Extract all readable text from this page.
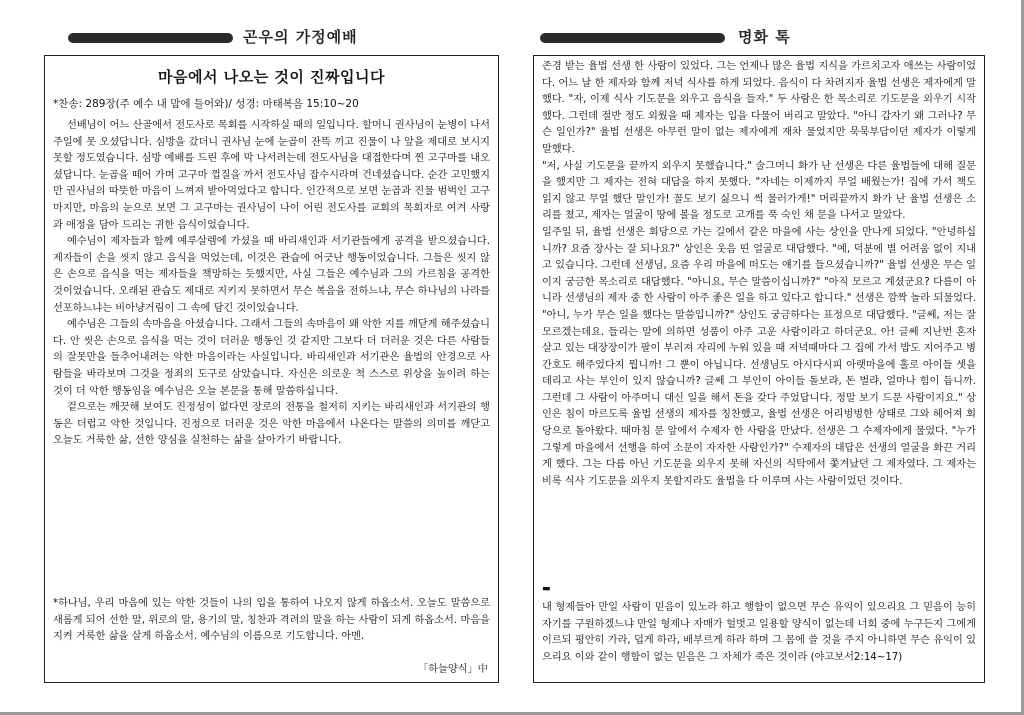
곤우의 가정예배	명화 톡
마음에서 나오는 것이 진짜입니다
*찬송: 289장(주 예수 내 맘에 들어와)/ 성경: 마태복음 15:10~20

선배님이 어느 산골에서 전도사로 목회를 시작하실 때의 일입니다. 할머니 권사님이 눈병이 나서 주일에 못 오셨답니다. 심방을 갔더니 권사님 눈에 눈곱이 잔뜩 끼고 진물이 나 앞을 제대로 보시지 못할 정도였습니다. 심방 예배를 드린 후에 막 나서려는데 전도사님을 대접한다며 찐 고구마를 내오셨답니다. 눈곱을 떼어 가며 고구마 껍질을 까서 전도사님 잡수시라며 건네셨습니다. 순간 고민했지만 권사님의 따뜻한 마음이 느껴져 받아먹었다고 합니다. 인간적으로 보면 눈곱과 진물 범벅인 고구마지만, 마음의 눈으로 보면 그 고구마는 권사님이 나이 어린 전도사를 교회의 목회자로 여겨 사랑과 애정을 담아 드리는 귀한 음식이었습니다.

예수님이 제자들과 함께 예루살렘에 가셨을 때 바리새인과 서기관들에게 공격을 받으셨습니다. 제자들이 손을 씻지 않고 음식을 먹었는데, 이것은 관습에 어긋난 행동이었습니다. 그들은 씻지 않은 손으로 음식을 먹는 제자들을 책망하는 듯했지만, 사실 그들은 예수님과 그의 가르침을 공격한 것이었습니다. 오래된 관습도 제대로 지키지 못하면서 무슨 복음을 전하느냐, 무슨 하나님의 나라를 선포하느냐는 비아냥거림이 그 속에 담긴 것이었습니다.

예수님은 그들의 속마음을 아셨습니다. 그래서 그들의 속마음이 왜 악한 지를 깨닫게 해주셨습니다. 안 씻은 손으로 음식을 먹는 것이 더러운 행동인 것 같지만 그보다 더 더러운 것은 다른 사람들의 잘못만을 들추어내려는 악한 마음이라는 사실입니다. 바리새인과 서기관은 율법의 안경으로 사람들을 바라보며 그것을 정죄의 도구로 삼았습니다. 자신은 의로운 척 스스로 위상을 높이려 하는 것이 더 악한 행동임을 예수님은 오늘 본문을 통해 말씀하십니다.

겉으로는 깨끗해 보여도 진정성이 없다면 장로의 전통을 철저히 지키는 바리새인과 서기관의 행동은 더럽고 악한 것입니다. 진정으로 더러운 것은 악한 마음에서 나온다는 말씀의 의미를 깨닫고 오늘도 거룩한 삶, 선한 양심을 실천하는 삶을 살아가기 바랍니다.

*하나님, 우리 마음에 있는 악한 것들이 나의 입을 통하여 나오지 않게 하옵소서. 오늘도 말씀으로 새롭게 되어 선한 말, 위로의 말, 용기의 말, 칭찬과 격려의 말을 하는 사람이 되게 하옵소서. 마음을 지켜 거룩한 삶을 살게 하옵소서. 예수님의 이름으로 기도합니다. 아멘.

「하늘양식」中

존경 받는 율법 선생 한 사람이 있었다. 그는 언제나 많은 율법 지식을 가르치고자 애쓰는 사람이었다. 어느 날 한 제자와 함께 저녁 식사를 하게 되었다. 음식이 다 차려지자 율법 선생은 제자에게 말했다. "자, 이제 식사 기도문을 외우고 음식을 들자." 두 사람은 한 목소리로 기도문을 외우기 시작했다. 그런데 절반 정도 외웠을 때 제자는 입을 다물어 버리고 말았다. "아니 갑자기 왜 그러나? 무슨 일인가?" 율법 선생은 아무런 말이 없는 제자에게 재차 물었지만 묵묵부답이던 제자가 이렇게 말했다.

"저, 사실 기도문을 끝까지 외우지 못했습니다." 술그머니 화가 난 선생은 다른 율법들에 대해 질문을 했지만 그 제자는 전혀 대답을 하지 못했다. "자네는 이제까지 무얼 배웠는가! 집에 가서 책도 읽지 않고 무얼 했단 말인가! 꼴도 보기 싫으니 썩 물러가게!" 머리끝까지 화가 난 율법 선생은 소리를 쳤고, 제자는 얼굴이 땅에 볼을 정도로 고개를 푹 숙인 채 문을 나서고 말았다.

일주일 뒤, 율법 선생은 회당으로 가는 길에서 같은 마을에 사는 상인을 만나게 되었다. "안녕하십니까? 요즘 장사는 잘 되나요?" 상인은 웃음 띤 얼굴로 대답했다. "예, 덕분에 별 어려움 없이 지내고 있습니다. 그런데 선생님, 요즘 우리 마을에 떠도는 얘기를 들으셨습니까?" 율법 선생은 무슨 일이지 궁금한 목소리로 대답했다. "아니요, 무슨 말씀이십니까?" "아직 모르고 계셨군요? 다름이 아니라 선생님의 제자 중 한 사람이 아주 좋은 일을 하고 있다고 합니다." 선생은 깜짝 놀라 되물었다. "아니, 누가 무슨 일을 했다는 말씀입니까?" 상인도 궁금하다는 표정으로 대답했다. "글쎄, 저는 잘 모르겠는데요. 들리는 말에 의하면 성품이 아주 고운 사람이라고 하더군요. 아! 글쎄 지난번 혼자 살고 있는 대장장이가 팔이 부러져 자리에 누워 있을 때 저녁때마다 그 집에 가서 밥도 지어주고 병간호도 해주었다지 뭡니까! 그 뿐이 아닙니다. 선생님도 아시다시피 아랫마을에 홀로 아이들 셋을 데리고 사는 부인이 있지 않습니까? 글쎄 그 부인이 아이들 돌보랴, 돈 벌랴, 얼마나 힘이 듭니까. 그런데 그 사람이 아주머니 대신 일을 해서 돈을 갖다 주었답니다. 정말 보기 드문 사람이지요." 상인은 침이 마르도록 율법 선생의 제자를 칭찬했고, 율법 선생은 어리벙벙한 상태로 그와 헤어져 회당으로 돌아왔다. 때마침 문 앞에서 수제자 한 사람을 만났다. 선생은 그 수제자에게 물었다. "누가 그렇게 마을에서 선행을 하여 소문이 자자한 사람인가?" 수제자의 대답은 선생의 얼굴을 화끈 거리게 했다. 그는 다름 아닌 기도문을 외우지 못해 자신의 식탁에서 쫓겨났던 그 제자였다. 그 제자는 비록 식사 기도문을 외우지 못할지라도 율법을 다 이루며 사는 사람이었던 것이다.

▬

내 형제들아 만일 사람이 믿음이 있노라 하고 행함이 없으면 무슨 유익이 있으리요 그 믿음이 능히 자기를 구원하겠느냐 만일 형제나 자매가 헐벗고 일용할 양식이 없는데 너희 중에 누구든지 그에게 이르되 평안히 가라, 덥게 하라, 배부르게 하라 하며 그 몸에 쓸 것을 주지 아니하면 무슨 유익이 있으리요 이와 같이 행함이 없는 믿음은 그 자체가 죽은 것이라 (야고보서2:14~17)
